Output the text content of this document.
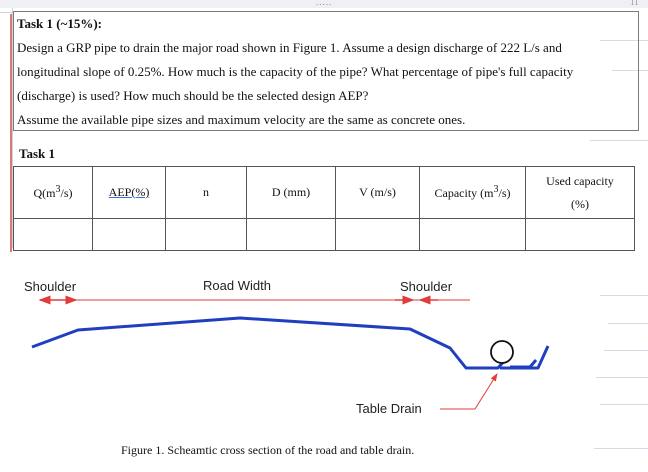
.....	11
Task 1 (~15%):
Design a GRP pipe to drain the major road shown in Figure 1. Assume a design discharge of 222 L/s and
longitudinal slope of 0.25%. How much is the capacity of the pipe? What percentage of pipe's full capacity
(discharge) is used? How much should be the selected design AEP?
Assume the available pipe sizes and maximum velocity are the same as concrete ones.
Task 1
$Q(m^3/s)$	AEP(%)	n	D (mm)	V (m/s)	Capacity $(m^3/s)$	Used capacity
(%)

Shoulder	Road Width	Shoulder
Table Drain
Figure 1. Scheamtic cross section of the road and table drain.
